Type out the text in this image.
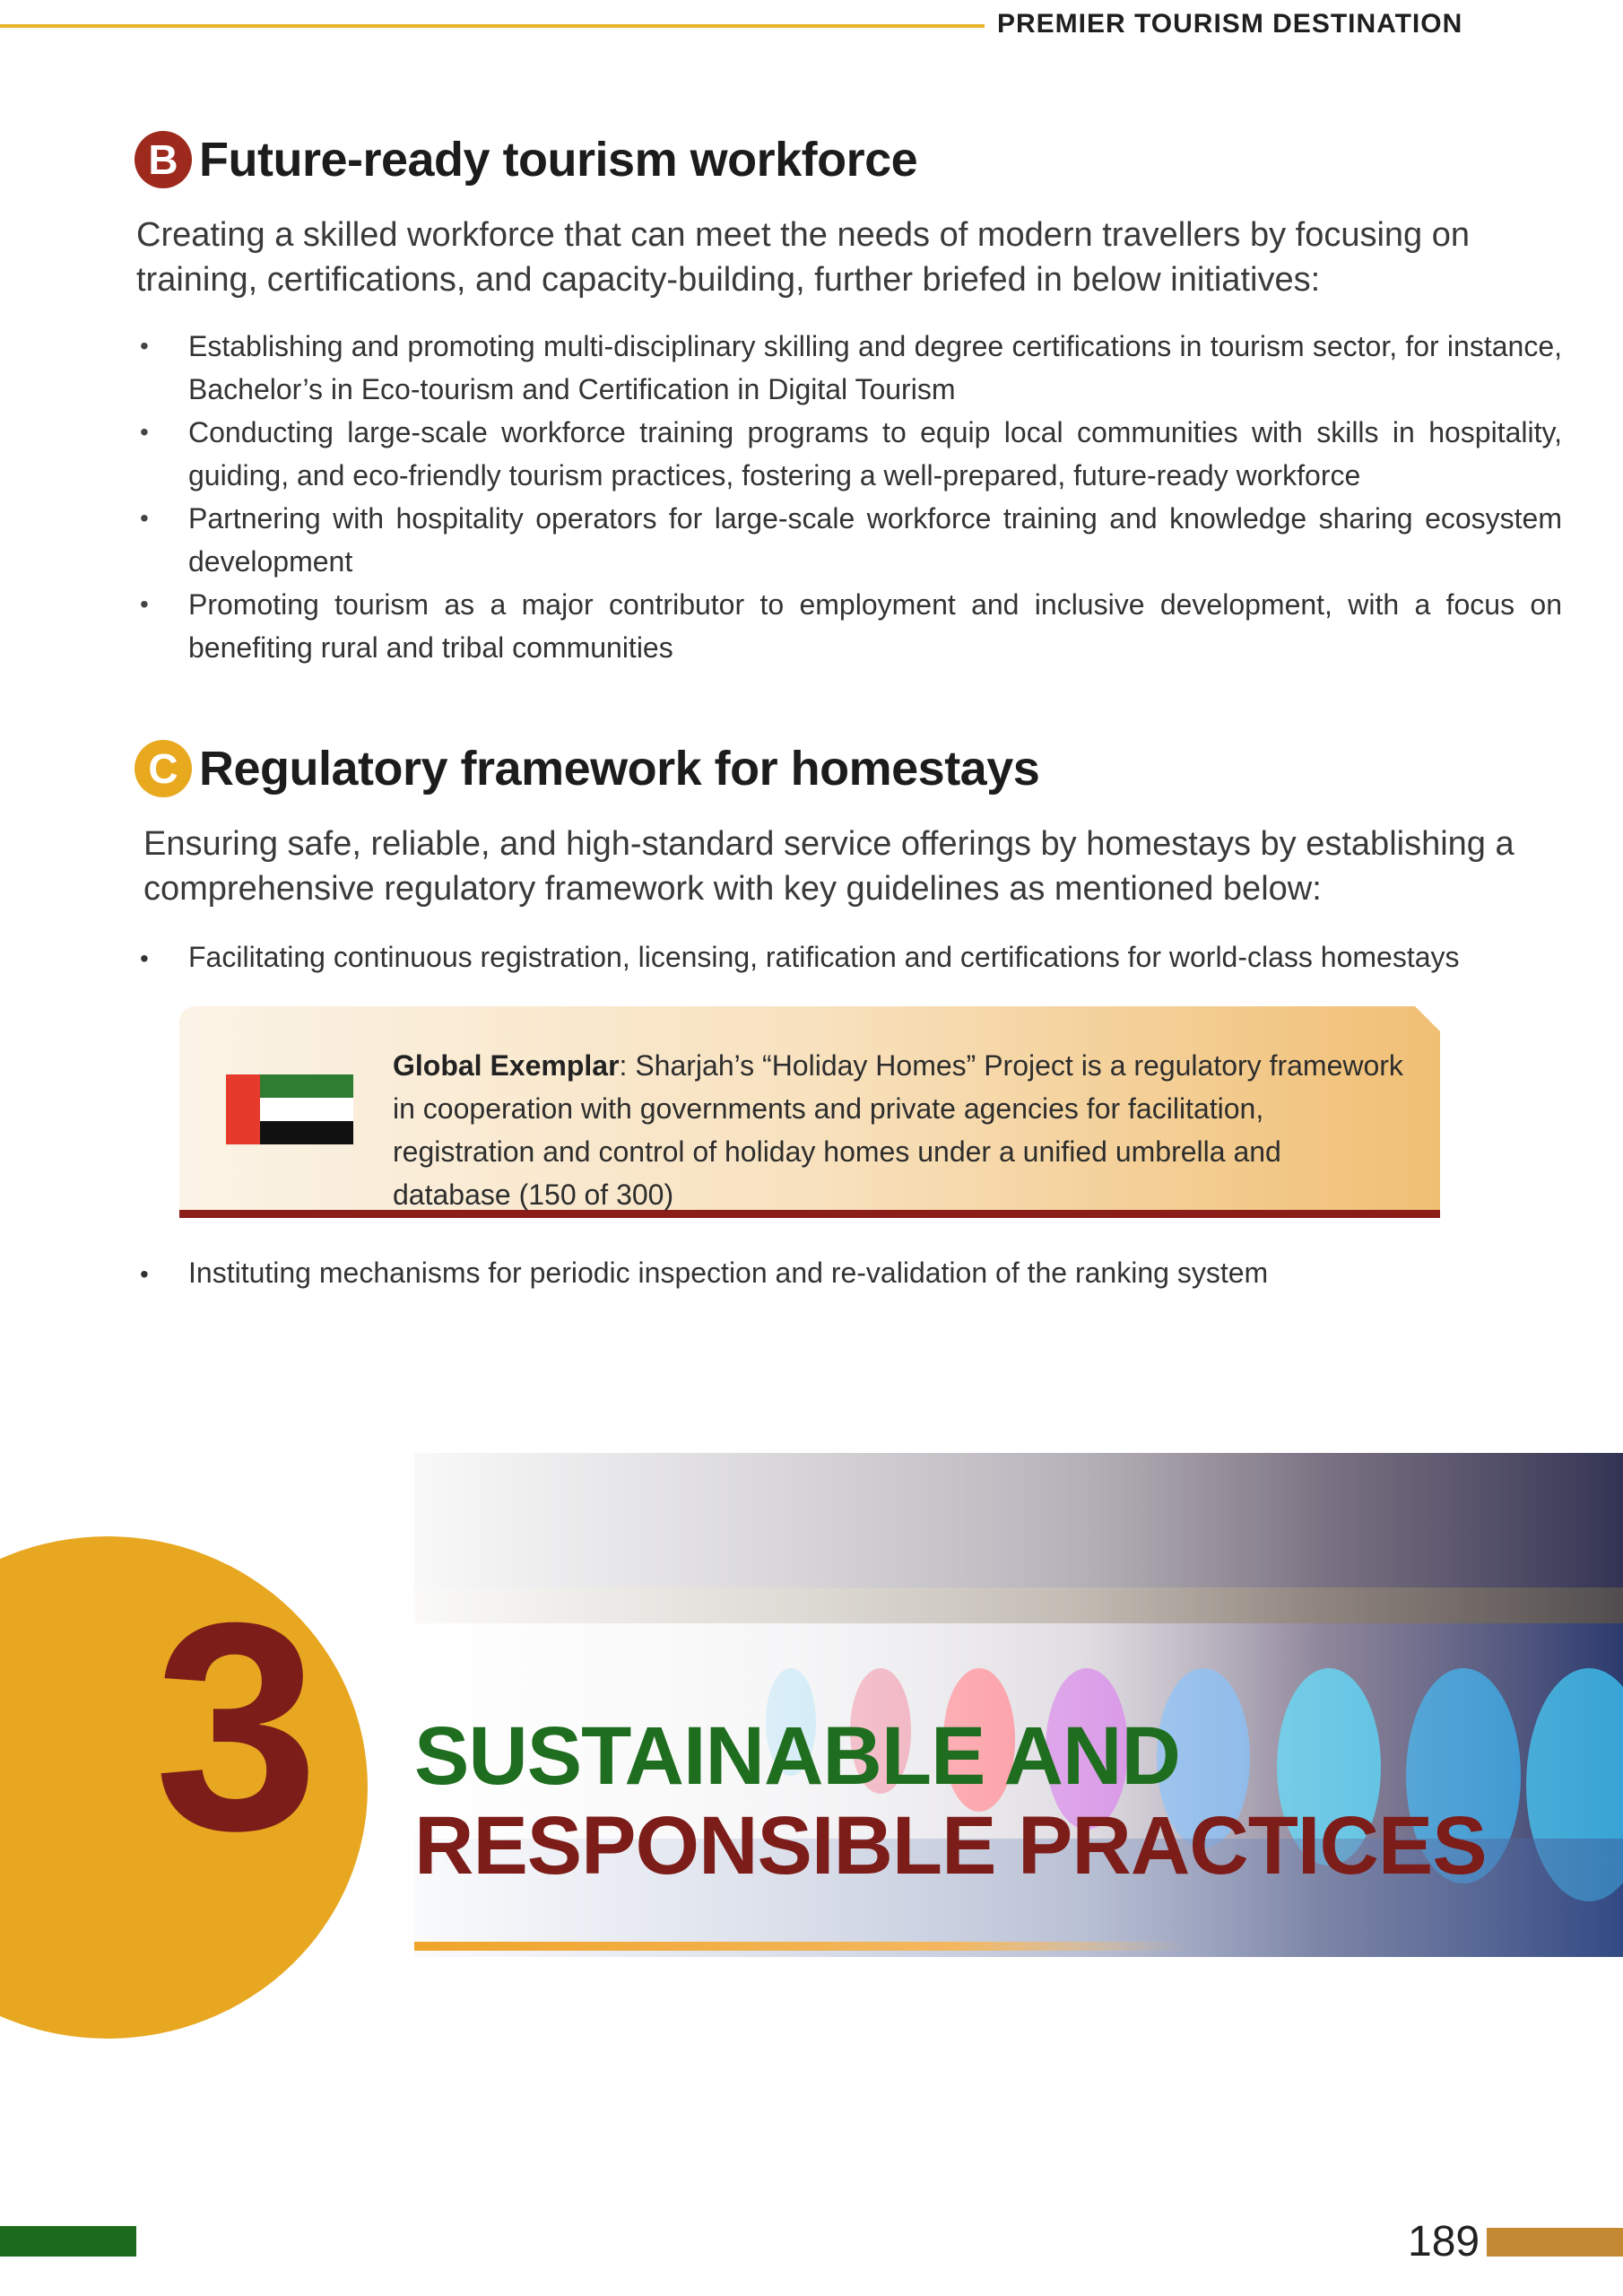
PREMIER TOURISM DESTINATION
B Future-ready tourism workforce
Creating a skilled workforce that can meet the needs of modern travellers by focusing on training, certifications, and capacity-building, further briefed in below initiatives:
• Establishing and promoting multi-disciplinary skilling and degree certifications in tourism sector, for instance, Bachelor’s in Eco-tourism and Certification in Digital Tourism
• Conducting large-scale workforce training programs to equip local communities with skills in hospitality, guiding, and eco-friendly tourism practices, fostering a well-prepared, future-ready workforce
• Partnering with hospitality operators for large-scale workforce training and knowledge sharing ecosystem development
• Promoting tourism as a major contributor to employment and inclusive development, with a focus on benefiting rural and tribal communities
C Regulatory framework for homestays
Ensuring safe, reliable, and high-standard service offerings by homestays by establishing a comprehensive regulatory framework with key guidelines as mentioned below:
• Facilitating continuous registration, licensing, ratification and certifications for world-class homestays
Global Exemplar: Sharjah’s “Holiday Homes” Project is a regulatory framework in cooperation with governments and private agencies for facilitation, registration and control of holiday homes under a unified umbrella and database (150 of 300)
• Instituting mechanisms for periodic inspection and re-validation of the ranking system
3 SUSTAINABLE AND
RESPONSIBLE PRACTICES
189
